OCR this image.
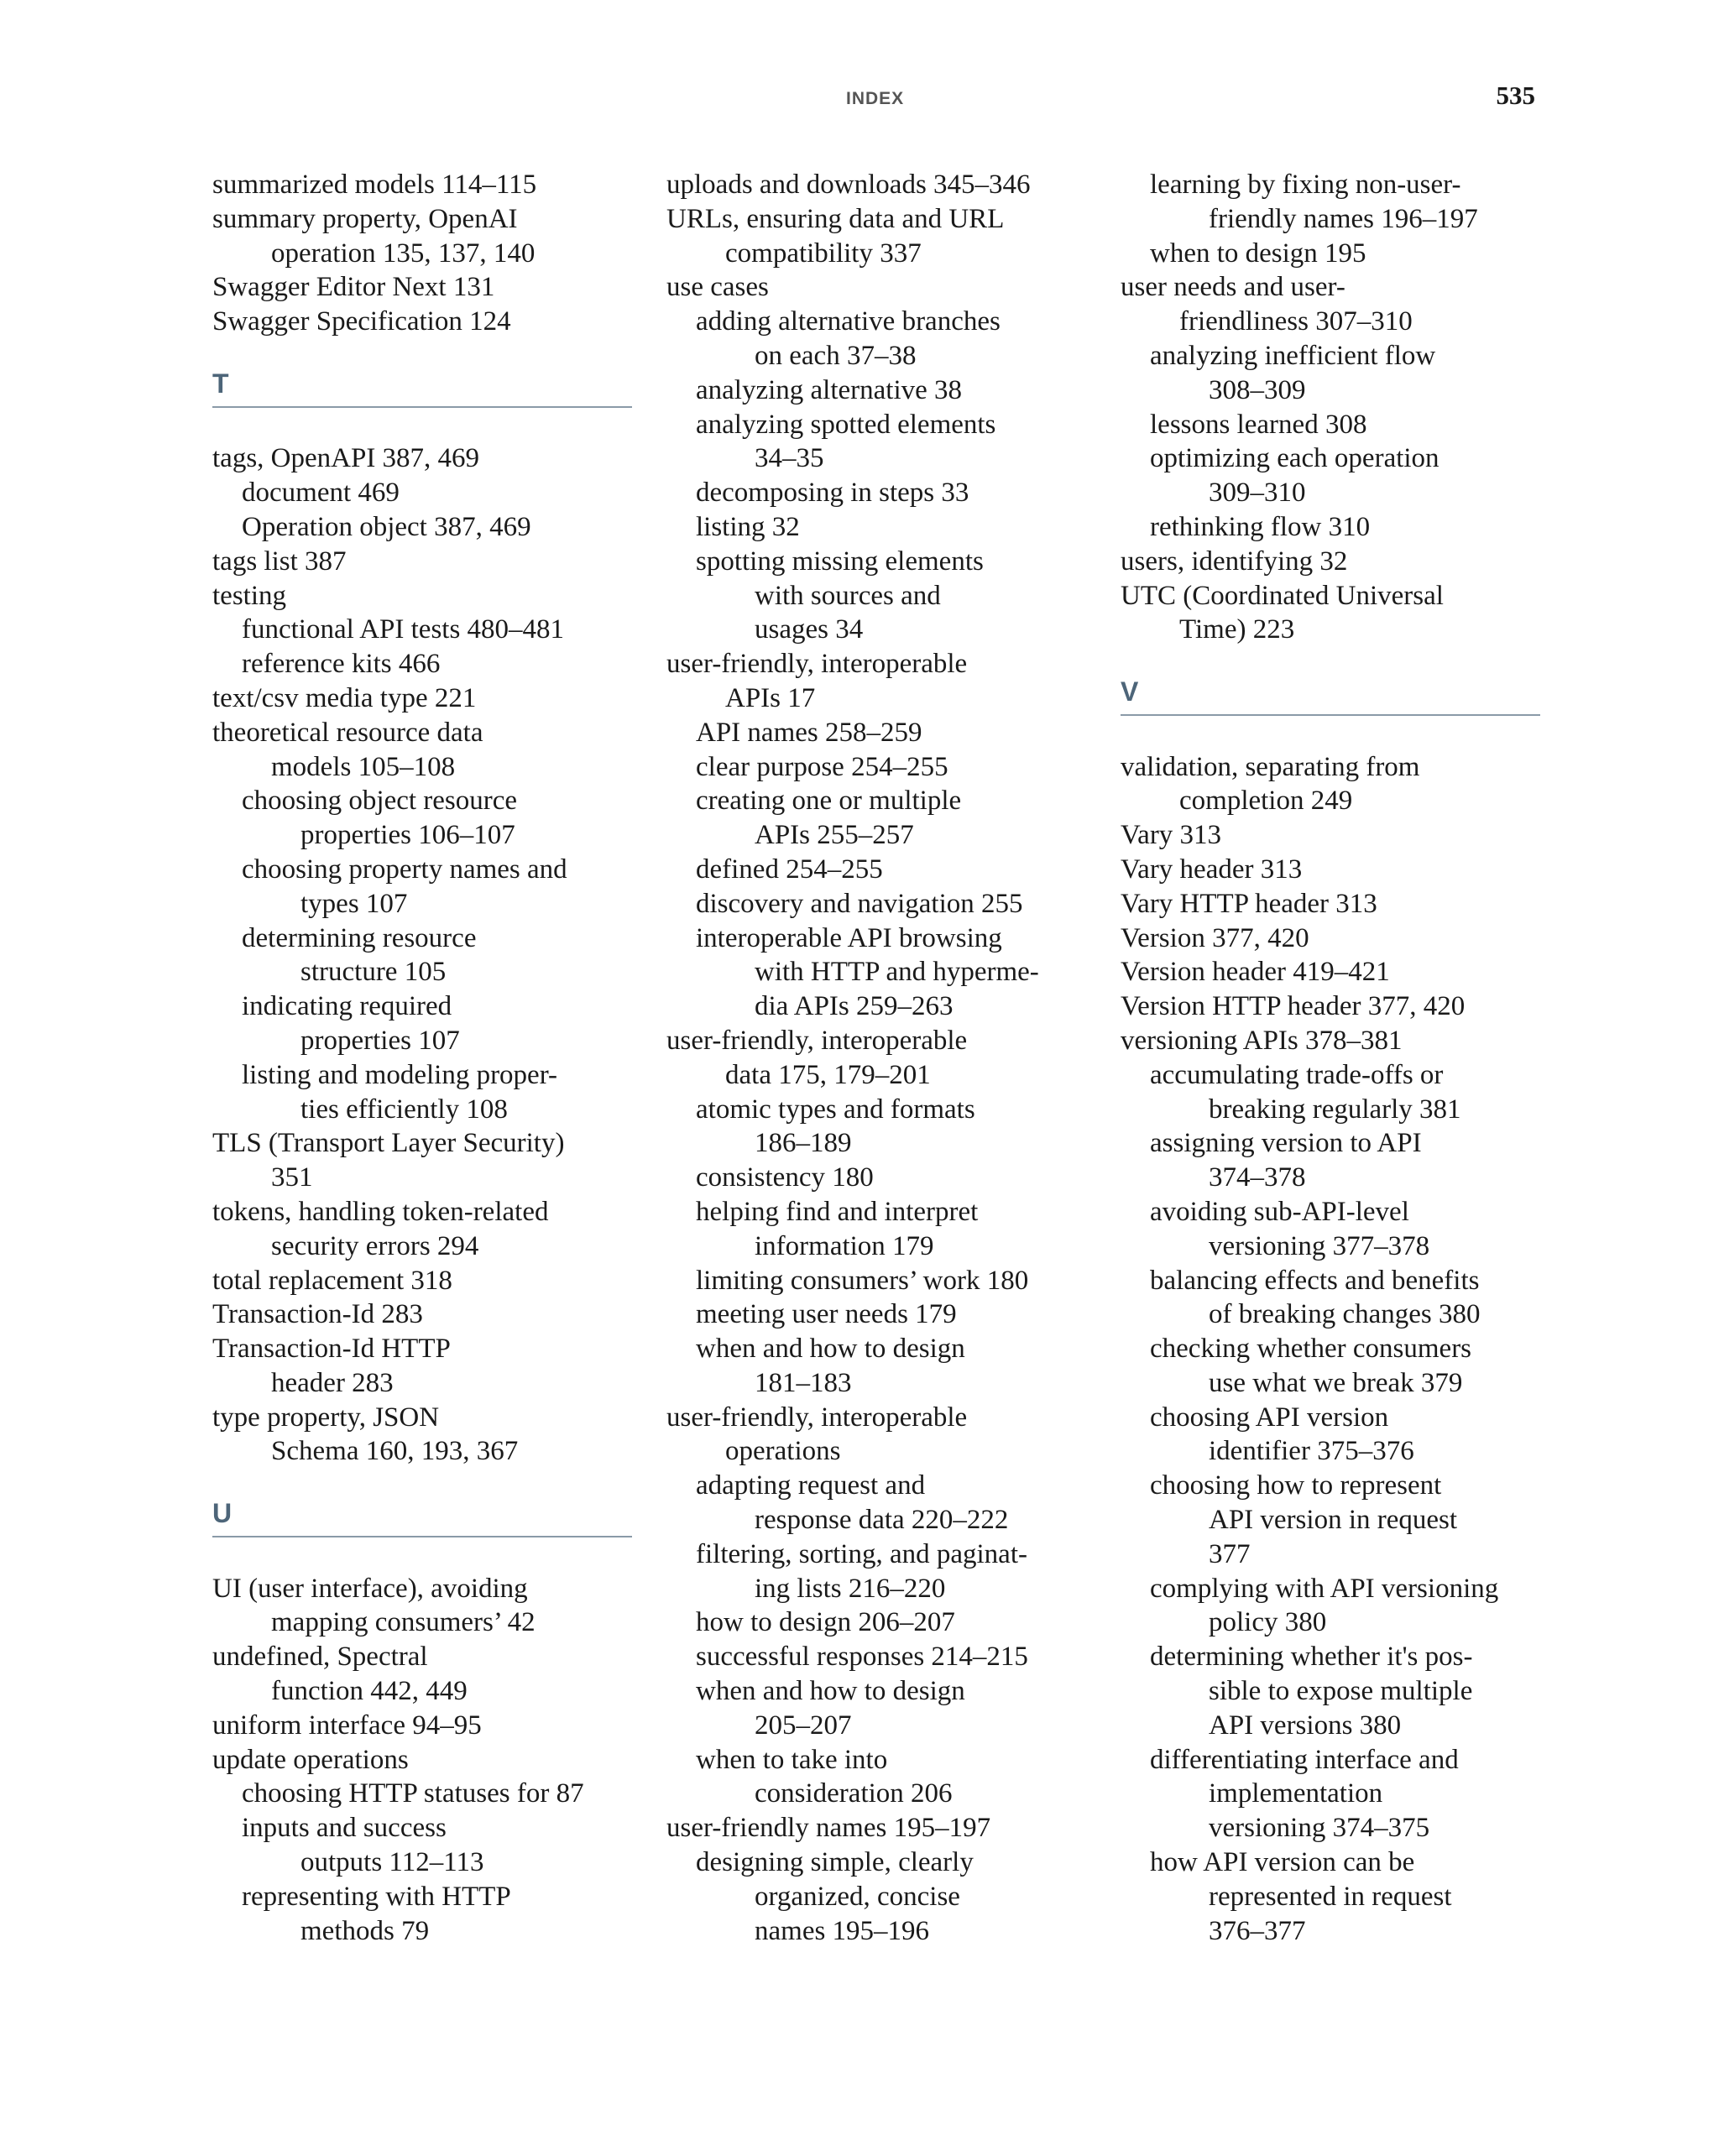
INDEX	535
summarized models 114–115
summary property, OpenAI
operation 135, 137, 140
Swagger Editor Next 131
Swagger Specification 124
T
tags, OpenAPI 387, 469
document 469
Operation object 387, 469
tags list 387
testing
functional API tests 480–481
reference kits 466
text/csv media type 221
theoretical resource data
models 105–108
choosing object resource
properties 106–107
choosing property names and
types 107
determining resource
structure 105
indicating required
properties 107
listing and modeling proper-
ties efficiently 108
TLS (Transport Layer Security)
351
tokens, handling token-related
security errors 294
total replacement 318
Transaction-Id 283
Transaction-Id HTTP
header 283
type property, JSON
Schema 160, 193, 367
U
UI (user interface), avoiding
mapping consumers’ 42
undefined, Spectral
function 442, 449
uniform interface 94–95
update operations
choosing HTTP statuses for 87
inputs and success
outputs 112–113
representing with HTTP
methods 79
uploads and downloads 345–346
URLs, ensuring data and URL
compatibility 337
use cases
adding alternative branches
on each 37–38
analyzing alternative 38
analyzing spotted elements
34–35
decomposing in steps 33
listing 32
spotting missing elements
with sources and
usages 34
user-friendly, interoperable
APIs 17
API names 258–259
clear purpose 254–255
creating one or multiple
APIs 255–257
defined 254–255
discovery and navigation 255
interoperable API browsing
with HTTP and hyperme-
dia APIs 259–263
user-friendly, interoperable
data 175, 179–201
atomic types and formats
186–189
consistency 180
helping find and interpret
information 179
limiting consumers’ work 180
meeting user needs 179
when and how to design
181–183
user-friendly, interoperable
operations
adapting request and
response data 220–222
filtering, sorting, and paginat-
ing lists 216–220
how to design 206–207
successful responses 214–215
when and how to design
205–207
when to take into
consideration 206
user-friendly names 195–197
designing simple, clearly
organized, concise
names 195–196
learning by fixing non-user-
friendly names 196–197
when to design 195
user needs and user-
friendliness 307–310
analyzing inefficient flow
308–309
lessons learned 308
optimizing each operation
309–310
rethinking flow 310
users, identifying 32
UTC (Coordinated Universal
Time) 223
V
validation, separating from
completion 249
Vary 313
Vary header 313
Vary HTTP header 313
Version 377, 420
Version header 419–421
Version HTTP header 377, 420
versioning APIs 378–381
accumulating trade-offs or
breaking regularly 381
assigning version to API
374–378
avoiding sub-API-level
versioning 377–378
balancing effects and benefits
of breaking changes 380
checking whether consumers
use what we break 379
choosing API version
identifier 375–376
choosing how to represent
API version in request
377
complying with API versioning
policy 380
determining whether it's pos-
sible to expose multiple
API versions 380
differentiating interface and
implementation
versioning 374–375
how API version can be
represented in request
376–377
